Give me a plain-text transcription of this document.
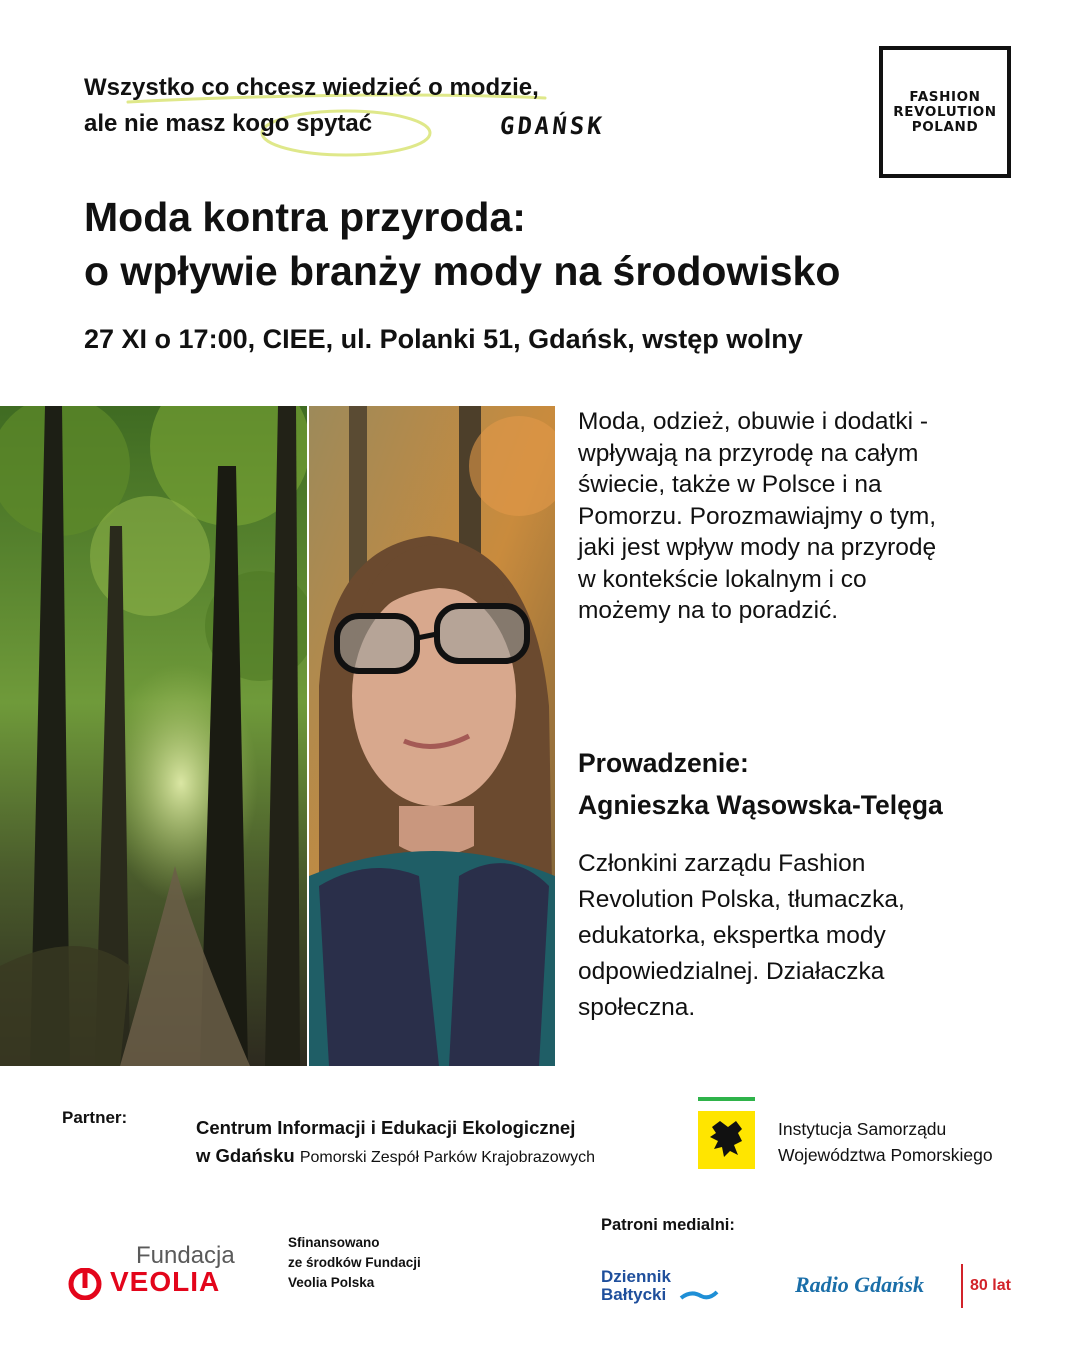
Wszystko co chcesz wiedzieć o modzie,
ale nie masz kogo spytać	GDAŃSK
FASHION
REVOLUTION
POLAND
Moda kontra przyroda:
o wpływie branży mody na środowisko
27 XI o 17:00, CIEE, ul. Polanki 51, Gdańsk, wstęp wolny
Moda, odzież, obuwie i dodatki -
wpływają na przyrodę na całym
świecie, także w Polsce i na
Pomorzu. Porozmawiajmy o tym,
jaki jest wpływ mody na przyrodę
w kontekście lokalnym i co
możemy na to poradzić.
Prowadzenie:
Agnieszka Wąsowska-Telęga
Członkini zarządu Fashion
Revolution Polska, tłumaczka,
edukatorka, ekspertka mody
odpowiedzialnej. Działaczka
społeczna.
Partner:	Centrum Informacji i Edukacji Ekologicznej
w Gdańsku Pomorski Zespół Parków Krajobrazowych
Instytucja Samorządu
Województwa Pomorskiego
Fundacja
VEOLIA
Sfinansowano
ze środków Fundacji
Veolia Polska
Patroni medialni:
Dziennik
Bałtycki	Radio Gdańsk	80 lat
